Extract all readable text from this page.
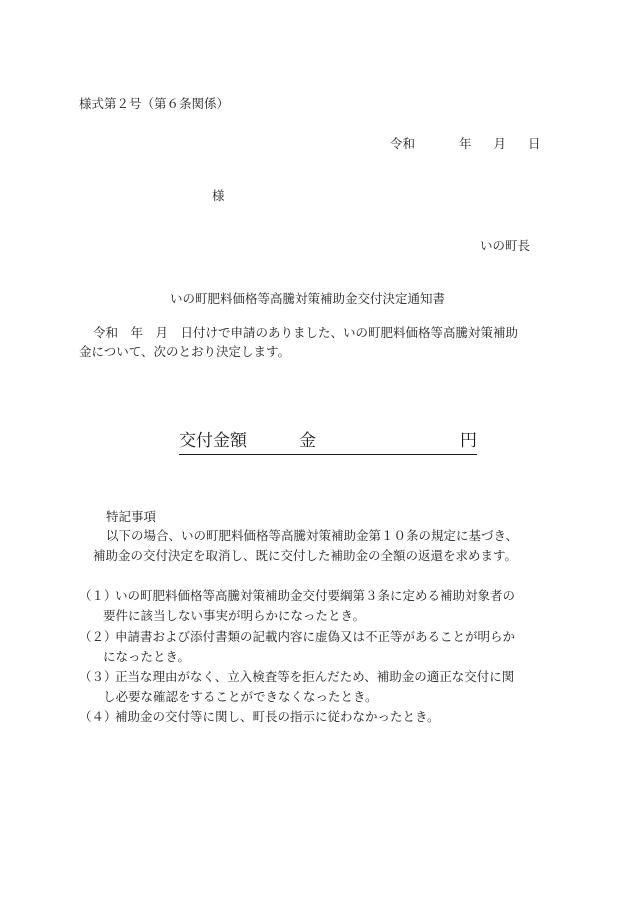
様式第２号（第６条関係）
令和	年 月 日
様
いの町長
いの町肥料価格等高騰対策補助金交付決定通知書
令和　年　月　日付けで申請のありました、いの町肥料価格等高騰対策補助
金について、次のとおり決定します。
交付金額	金	円
特記事項
以下の場合、いの町肥料価格等高騰対策補助金第１０条の規定に基づき、
補助金の交付決定を取消し、既に交付した補助金の全額の返還を求めます。
（１）
いの町肥料価格等高騰対策補助金交付要綱第３条に定める補助対象者の
要件に該当しない事実が明らかになったとき。
（２）
申請書および添付書類の記載内容に虚偽又は不正等があることが明らか
になったとき。
（３）
正当な理由がなく、立入検査等を拒んだため、補助金の適正な交付に関
し必要な確認をすることができなくなったとき。
（４）
補助金の交付等に関し、町長の指示に従わなかったとき。
